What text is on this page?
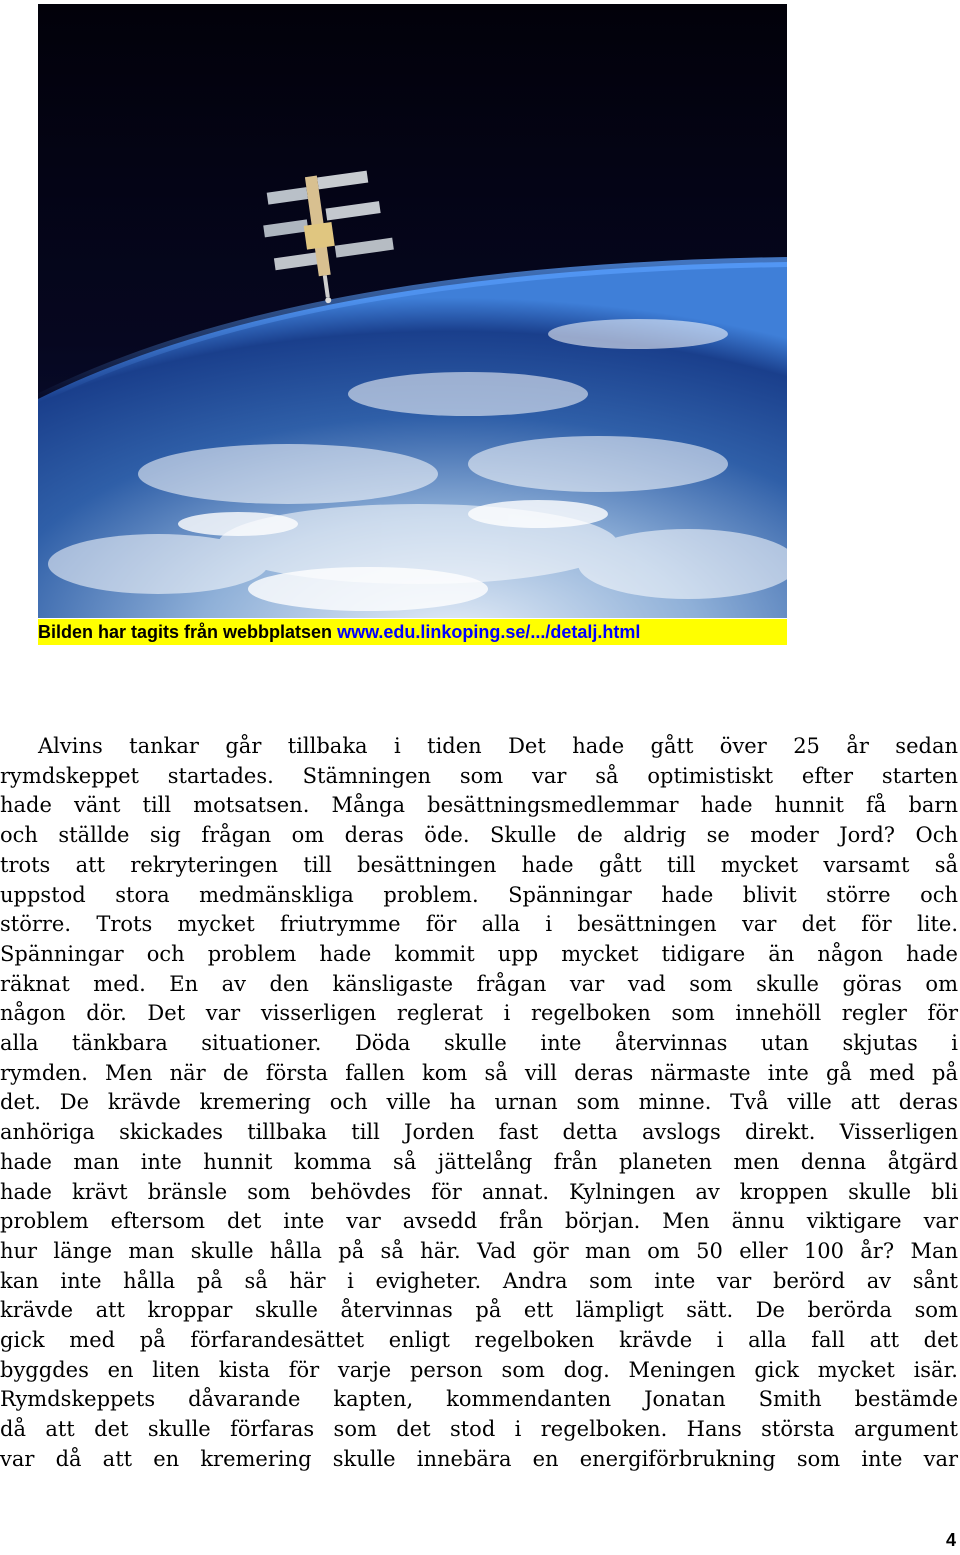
Bilden har tagits från webbplatsen www.edu.linkoping.se/.../detalj.html
Alvins tankar går tillbaka i tiden Det hade gått över 25 år sedan
rymdskeppet startades. Stämningen som var så optimistiskt efter starten
hade vänt till motsatsen. Många besättningsmedlemmar hade hunnit få barn
och ställde sig frågan om deras öde. Skulle de aldrig se moder Jord? Och
trots att rekryteringen till besättningen hade gått till mycket varsamt så
uppstod stora medmänskliga problem. Spänningar hade blivit större och
större. Trots mycket friutrymme för alla i besättningen var det för lite.
Spänningar och problem hade kommit upp mycket tidigare än någon hade
räknat med. En av den känsligaste frågan var vad som skulle göras om
någon dör. Det var visserligen reglerat i regelboken som innehöll regler för
alla tänkbara situationer. Döda skulle inte återvinnas utan skjutas i
rymden. Men när de första fallen kom så vill deras närmaste inte gå med på
det. De krävde kremering och ville ha urnan som minne. Två ville att deras
anhöriga skickades tillbaka till Jorden fast detta avslogs direkt. Visserligen
hade man inte hunnit komma så jättelång från planeten men denna åtgärd
hade krävt bränsle som behövdes för annat. Kylningen av kroppen skulle bli
problem eftersom det inte var avsedd från början. Men ännu viktigare var
hur länge man skulle hålla på så här. Vad gör man om 50 eller 100 år? Man
kan inte hålla på så här i evigheter. Andra som inte var berörd av sånt
krävde att kroppar skulle återvinnas på ett lämpligt sätt. De berörda som
gick med på förfarandesättet enligt regelboken krävde i alla fall att det
byggdes en liten kista för varje person som dog. Meningen gick mycket isär.
Rymdskeppets dåvarande kapten, kommendanten Jonatan Smith bestämde
då att det skulle förfaras som det stod i regelboken. Hans största argument
var då att en kremering skulle innebära en energiförbrukning som inte var
4
